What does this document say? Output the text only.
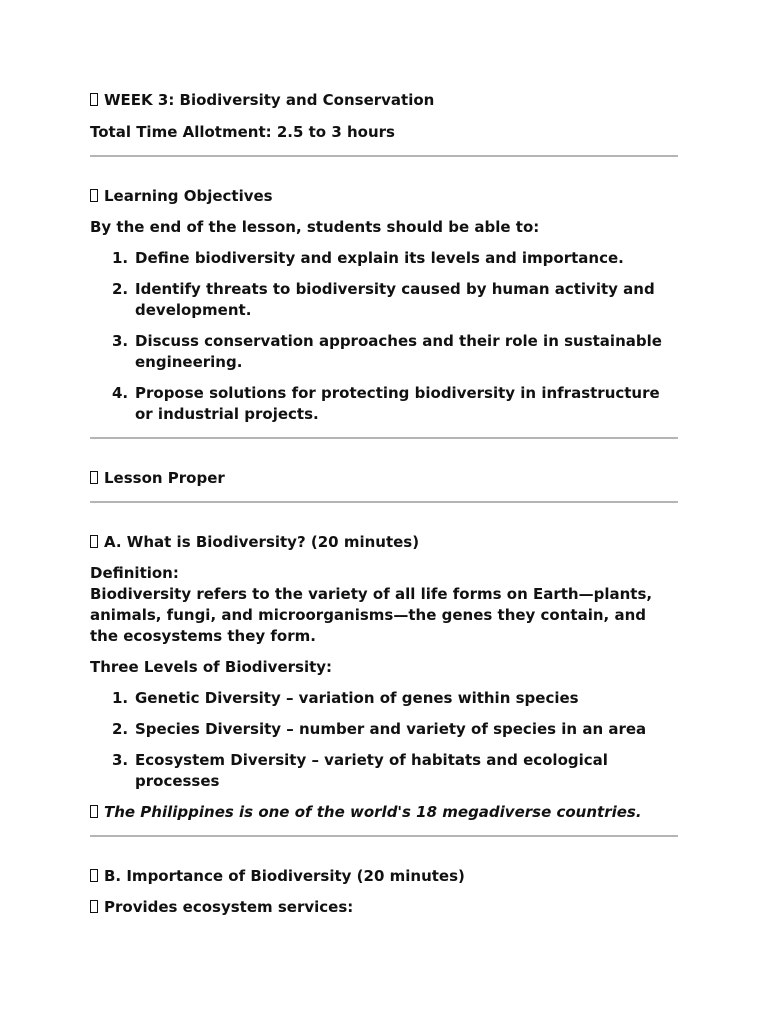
WEEK 3: Biodiversity and Conservation

Total Time Allotment: 2.5 to 3 hours

Learning Objectives

By the end of the lesson, students should be able to:

1. Define biodiversity and explain its levels and importance.
2. Identify threats to biodiversity caused by human activity and development.
3. Discuss conservation approaches and their role in sustainable engineering.
4. Propose solutions for protecting biodiversity in infrastructure or industrial projects.

Lesson Proper

A. What is Biodiversity? (20 minutes)

Definition:

Biodiversity refers to the variety of all life forms on Earth—plants, animals, fungi, and microorganisms—the genes they contain, and the ecosystems they form.

Three Levels of Biodiversity:

1. Genetic Diversity – variation of genes within species
2. Species Diversity – number and variety of species in an area
3. Ecosystem Diversity – variety of habitats and ecological processes

The Philippines is one of the world's 18 megadiverse countries.

B. Importance of Biodiversity (20 minutes)

Provides ecosystem services:
